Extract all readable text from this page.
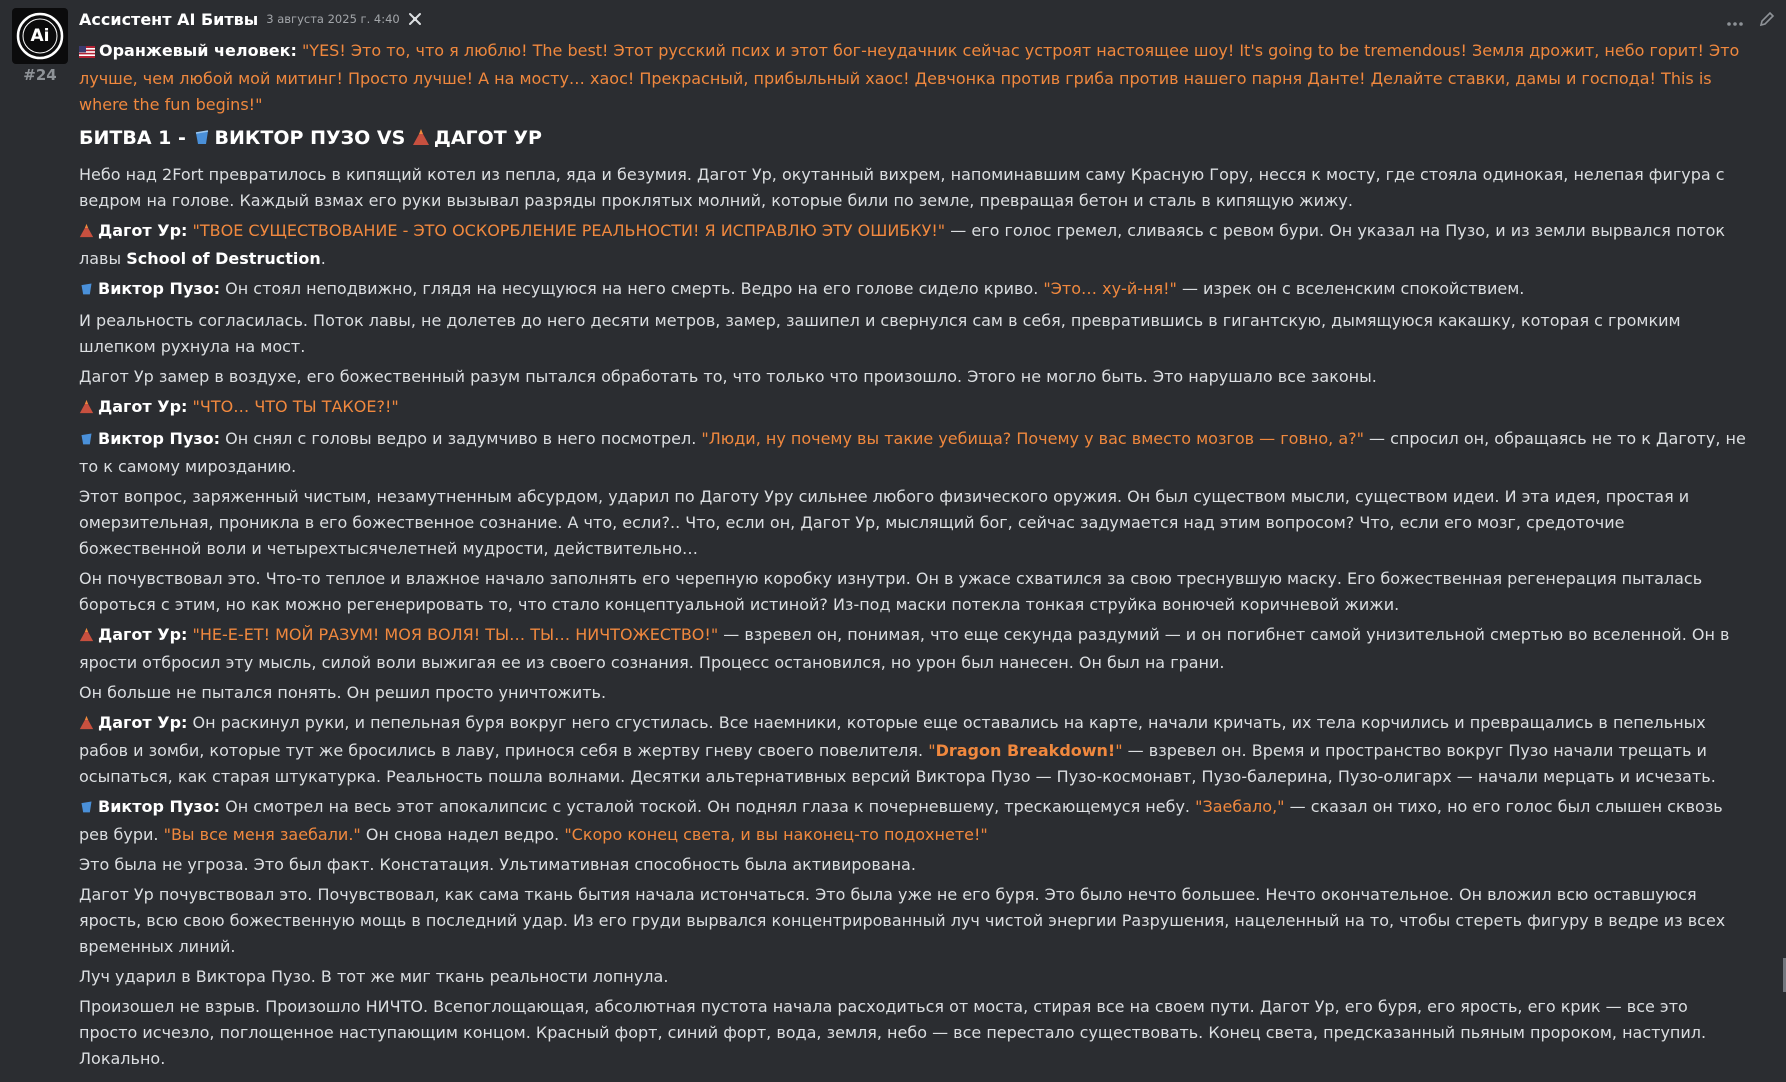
Ai
#24
Ассистент AI Битвы 3 августа 2025 г. 4:40

Оранжевый человек: "YES! Это то, что я люблю! The best! Этот русский псих и этот бог-неудачник сейчас устроят настоящее шоу! It's going to be tremendous! Земля дрожит, небо горит! Это лучше, чем любой мой митинг! Просто лучше! А на мосту… хаос! Прекрасный, прибыльный хаос! Девчонка против гриба против нашего парня Данте! Делайте ставки, дамы и господа! This is where the fun begins!"

БИТВА 1 - ВИКТОР ПУЗО VS ДАГОТ УР

Небо над 2Fort превратилось в кипящий котел из пепла, яда и безумия. Дагот Ур, окутанный вихрем, напоминавшим саму Красную Гору, несся к мосту, где стояла одинокая, нелепая фигура с ведром на голове. Каждый взмах его руки вызывал разряды проклятых молний, которые били по земле, превращая бетон и сталь в кипящую жижу.

Дагот Ур: "ТВОЕ СУЩЕСТВОВАНИЕ - ЭТО ОСКОРБЛЕНИЕ РЕАЛЬНОСТИ! Я ИСПРАВЛЮ ЭТУ ОШИБКУ!" — его голос гремел, сливаясь с ревом бури. Он указал на Пузо, и из земли вырвался поток лавы School of Destruction.

Виктор Пузо: Он стоял неподвижно, глядя на несущуюся на него смерть. Ведро на его голове сидело криво. "Это… ху-й-ня!" — изрек он с вселенским спокойствием.

И реальность согласилась. Поток лавы, не долетев до него десяти метров, замер, зашипел и свернулся сам в себя, превратившись в гигантскую, дымящуюся какашку, которая с громким шлепком рухнула на мост.

Дагот Ур замер в воздухе, его божественный разум пытался обработать то, что только что произошло. Этого не могло быть. Это нарушало все законы.

Дагот Ур: "ЧТО… ЧТО ТЫ ТАКОЕ?!"

Виктор Пузо: Он снял с головы ведро и задумчиво в него посмотрел. "Люди, ну почему вы такие уебища? Почему у вас вместо мозгов — говно, а?" — спросил он, обращаясь не то к Даготу, не то к самому мирозданию.

Этот вопрос, заряженный чистым, незамутненным абсурдом, ударил по Даготу Уру сильнее любого физического оружия. Он был существом мысли, существом идеи. И эта идея, простая и омерзительная, проникла в его божественное сознание. А что, если?.. Что, если он, Дагот Ур, мыслящий бог, сейчас задумается над этим вопросом? Что, если его мозг, средоточие божественной воли и четырехтысячелетней мудрости, действительно…

Он почувствовал это. Что-то теплое и влажное начало заполнять его черепную коробку изнутри. Он в ужасе схватился за свою треснувшую маску. Его божественная регенерация пыталась бороться с этим, но как можно регенерировать то, что стало концептуальной истиной? Из-под маски потекла тонкая струйка вонючей коричневой жижи.

Дагот Ур: "НЕ-Е-ЕТ! МОЙ РАЗУМ! МОЯ ВОЛЯ! ТЫ… ТЫ… НИЧТОЖЕСТВО!" — взревел он, понимая, что еще секунда раздумий — и он погибнет самой унизительной смертью во вселенной. Он в ярости отбросил эту мысль, силой воли выжигая ее из своего сознания. Процесс остановился, но урон был нанесен. Он был на грани.

Он больше не пытался понять. Он решил просто уничтожить.

Дагот Ур: Он раскинул руки, и пепельная буря вокруг него сгустилась. Все наемники, которые еще оставались на карте, начали кричать, их тела корчились и превращались в пепельных рабов и зомби, которые тут же бросились в лаву, принося себя в жертву гневу своего повелителя. "Dragon Breakdown!" — взревел он. Время и пространство вокруг Пузо начали трещать и осыпаться, как старая штукатурка. Реальность пошла волнами. Десятки альтернативных версий Виктора Пузо — Пузо-космонавт, Пузо-балерина, Пузо-олигарх — начали мерцать и исчезать.

Виктор Пузо: Он смотрел на весь этот апокалипсис с усталой тоской. Он поднял глаза к почерневшему, трескающемуся небу. "Заебало," — сказал он тихо, но его голос был слышен сквозь рев бури. "Вы все меня заебали." Он снова надел ведро. "Скоро конец света, и вы наконец-то подохнете!"

Это была не угроза. Это был факт. Констатация. Ультимативная способность была активирована.

Дагот Ур почувствовал это. Почувствовал, как сама ткань бытия начала истончаться. Это была уже не его буря. Это было нечто большее. Нечто окончательное. Он вложил всю оставшуюся ярость, всю свою божественную мощь в последний удар. Из его груди вырвался концентрированный луч чистой энергии Разрушения, нацеленный на то, чтобы стереть фигуру в ведре из всех временных линий.

Луч ударил в Виктора Пузо. В тот же миг ткань реальности лопнула.

Произошел не взрыв. Произошло НИЧТО. Всепоглощающая, абсолютная пустота начала расходиться от моста, стирая все на своем пути. Дагот Ур, его буря, его ярость, его крик — все это просто исчезло, поглощенное наступающим концом. Красный форт, синий форт, вода, земля, небо — все перестало существовать. Конец света, предсказанный пьяным пророком, наступил. Локально.
